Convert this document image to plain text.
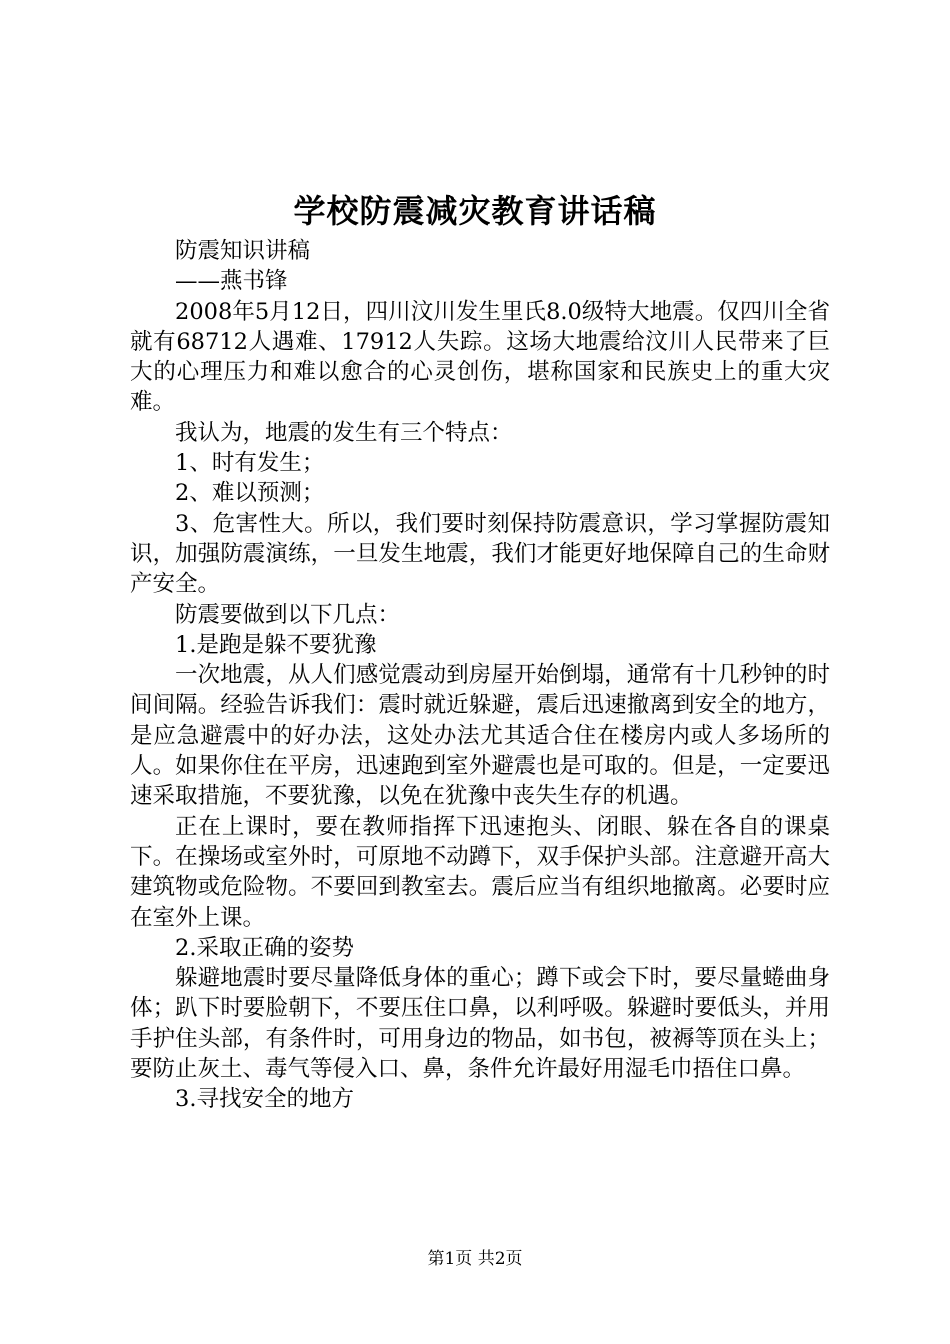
学校防震减灾教育讲话稿

防震知识讲稿

——燕书锋

2008年5月12日，四川汶川发生里氏8.0级特大地震。仅四川全省就有68712人遇难、17912人失踪。这场大地震给汶川人民带来了巨大的心理压力和难以愈合的心灵创伤，堪称国家和民族史上的重大灾难。

我认为，地震的发生有三个特点：

1、时有发生；

2、难以预测；

3、危害性大。所以，我们要时刻保持防震意识，学习掌握防震知识，加强防震演练，一旦发生地震，我们才能更好地保障自己的生命财产安全。

防震要做到以下几点：

1.是跑是躲不要犹豫

一次地震，从人们感觉震动到房屋开始倒塌，通常有十几秒钟的时间间隔。经验告诉我们：震时就近躲避，震后迅速撤离到安全的地方，是应急避震中的好办法，这处办法尤其适合住在楼房内或人多场所的人。如果你住在平房，迅速跑到室外避震也是可取的。但是，一定要迅速采取措施，不要犹豫，以免在犹豫中丧失生存的机遇。

正在上课时，要在教师指挥下迅速抱头、闭眼、躲在各自的课桌下。在操场或室外时，可原地不动蹲下，双手保护头部。注意避开高大建筑物或危险物。不要回到教室去。震后应当有组织地撤离。必要时应在室外上课。

2.采取正确的姿势

躲避地震时要尽量降低身体的重心；蹲下或会下时，要尽量蜷曲身体；趴下时要脸朝下，不要压住口鼻，以利呼吸。躲避时要低头，并用手护住头部，有条件时，可用身边的物品，如书包，被褥等顶在头上；要防止灰土、毒气等侵入口、鼻，条件允许最好用湿毛巾捂住口鼻。

3.寻找安全的地方

第1页 共2页
